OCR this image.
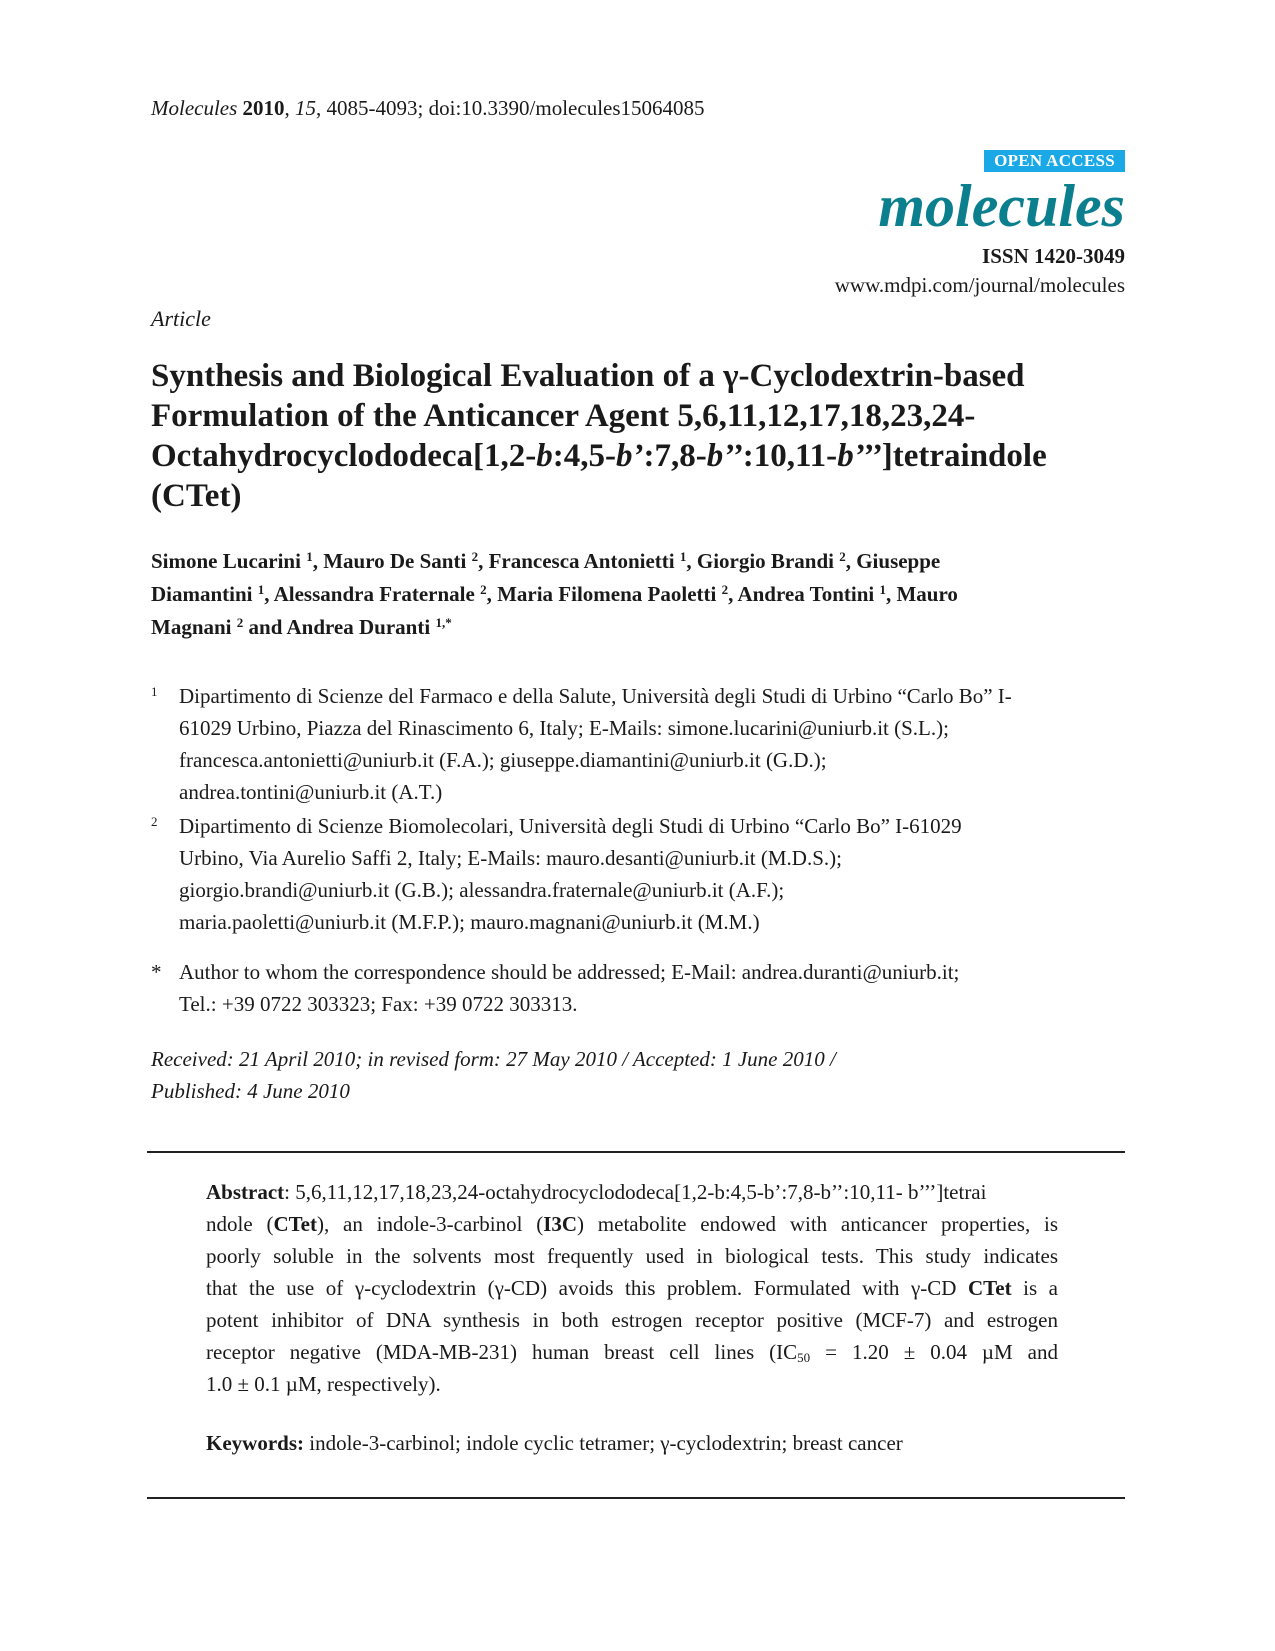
Molecules 2010, 15, 4085-4093; doi:10.3390/molecules15064085
OPEN ACCESS
molecules
ISSN 1420-3049
www.mdpi.com/journal/molecules
Article
Synthesis and Biological Evaluation of a γ-Cyclodextrin-based
Formulation of the Anticancer Agent 5,6,11,12,17,18,23,24-
Octahydrocyclododeca[1,2-b:4,5-b’:7,8-b’’:10,11-b’’’]tetraindole
(CTet)
Simone Lucarini $^1$, Mauro De Santi $^2$, Francesca Antonietti $^1$, Giorgio Brandi $^2$, Giuseppe
Diamantini $^1$, Alessandra Fraternale $^2$, Maria Filomena Paoletti $^2$, Andrea Tontini $^1$, Mauro
Magnani $^2$ and Andrea Duranti $^{1,*}$
1 Dipartimento di Scienze del Farmaco e della Salute, Università degli Studi di Urbino “Carlo Bo” I-
61029 Urbino, Piazza del Rinascimento 6, Italy; E-Mails: simone.lucarini@uniurb.it (S.L.);
francesca.antonietti@uniurb.it (F.A.); giuseppe.diamantini@uniurb.it (G.D.);
andrea.tontini@uniurb.it (A.T.)
2 Dipartimento di Scienze Biomolecolari, Università degli Studi di Urbino “Carlo Bo” I-61029
Urbino, Via Aurelio Saffi 2, Italy; E-Mails: mauro.desanti@uniurb.it (M.D.S.);
giorgio.brandi@uniurb.it (G.B.); alessandra.fraternale@uniurb.it (A.F.);
maria.paoletti@uniurb.it (M.F.P.); mauro.magnani@uniurb.it (M.M.)
* Author to whom the correspondence should be addressed; E-Mail: andrea.duranti@uniurb.it;
Tel.: +39 0722 303323; Fax: +39 0722 303313.
Received: 21 April 2010; in revised form: 27 May 2010 / Accepted: 1 June 2010 /
Published: 4 June 2010
Abstract: 5,6,11,12,17,18,23,24-octahydrocyclododeca[1,2-b:4,5-b’:7,8-b’’:10,11- b’’’]tetrai
ndole (CTet), an indole-3-carbinol (I3C) metabolite endowed with anticancer properties, is
poorly soluble in the solvents most frequently used in biological tests. This study indicates
that the use of γ-cyclodextrin (γ-CD) avoids this problem. Formulated with γ-CD CTet is a
potent inhibitor of DNA synthesis in both estrogen receptor positive (MCF-7) and estrogen
receptor negative (MDA-MB-231) human breast cell lines ($IC_{50} = 1.20 \pm 0.04$ µM and
1.0 ± 0.1 µM, respectively).
Keywords: indole-3-carbinol; indole cyclic tetramer; γ-cyclodextrin; breast cancer
